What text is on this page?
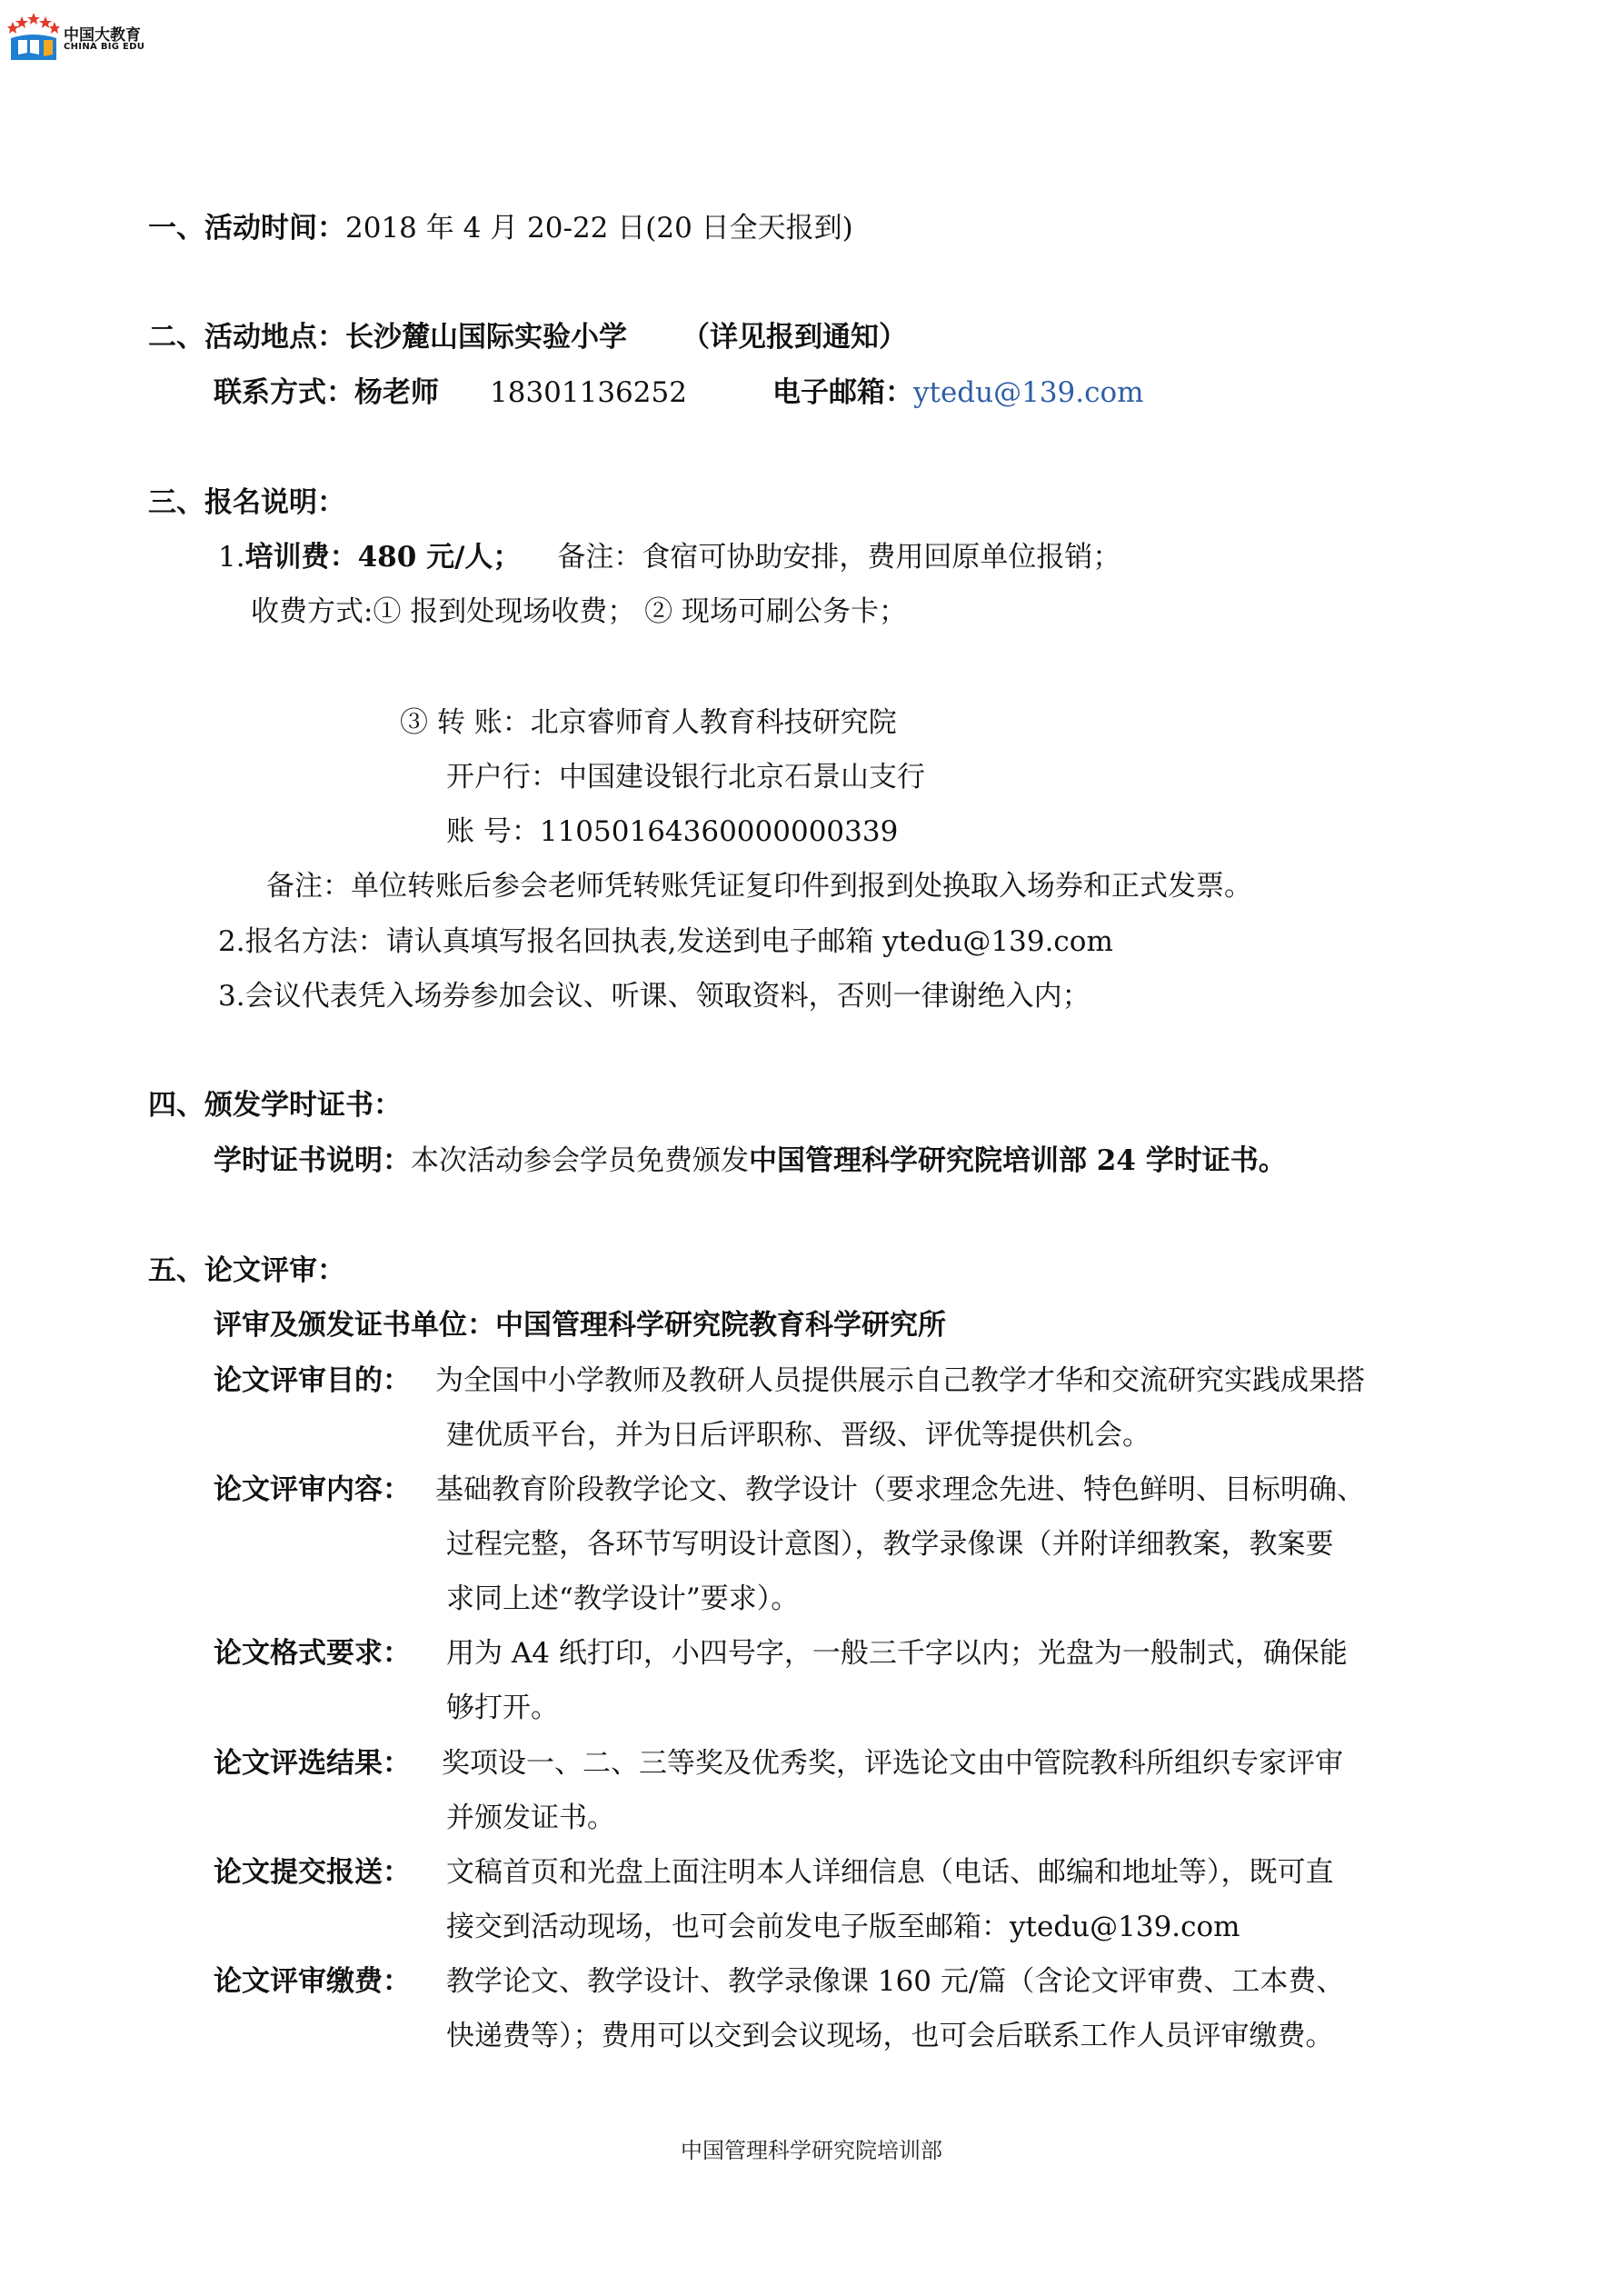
中国大教育
CHINA BIG EDU
一、活动时间：2018 年 4 月 20-22 日(20 日全天报到)
二、活动地点：长沙麓山国际实验小学 （详见报到通知）
联系方式：杨老师 18301136252	电子邮箱：ytedu@139.com
三、报名说明：
1.培训费：480 元/人； 备注：食宿可协助安排，费用回原单位报销；
收费方式:① 报到处现场收费； ② 现场可刷公务卡；
③ 转 账：北京睿师育人教育科技研究院
开户行：中国建设银行北京石景山支行
账 号：11050164360000000339
备注：单位转账后参会老师凭转账凭证复印件到报到处换取入场券和正式发票。
2.报名方法：请认真填写报名回执表,发送到电子邮箱 ytedu@139.com
3.会议代表凭入场券参加会议、听课、领取资料，否则一律谢绝入内；
四、颁发学时证书：
学时证书说明：本次活动参会学员免费颁发中国管理科学研究院培训部 24 学时证书。
五、论文评审：
评审及颁发证书单位：中国管理科学研究院教育科学研究所
论文评审目的： 为全国中小学教师及教研人员提供展示自己教学才华和交流研究实践成果搭
建优质平台，并为日后评职称、晋级、评优等提供机会。
论文评审内容： 基础教育阶段教学论文、教学设计（要求理念先进、特色鲜明、目标明确、
过程完整，各环节写明设计意图），教学录像课（并附详细教案，教案要
求同上述“教学设计”要求）。
论文格式要求： 用为 A4 纸打印，小四号字，一般三千字以内；光盘为一般制式，确保能
够打开。
论文评选结果： 奖项设一、二、三等奖及优秀奖，评选论文由中管院教科所组织专家评审
并颁发证书。
论文提交报送： 文稿首页和光盘上面注明本人详细信息（电话、邮编和地址等），既可直
接交到活动现场，也可会前发电子版至邮箱：ytedu@139.com
论文评审缴费： 教学论文、教学设计、教学录像课 160 元/篇（含论文评审费、工本费、
快递费等）；费用可以交到会议现场，也可会后联系工作人员评审缴费。
中国管理科学研究院培训部
